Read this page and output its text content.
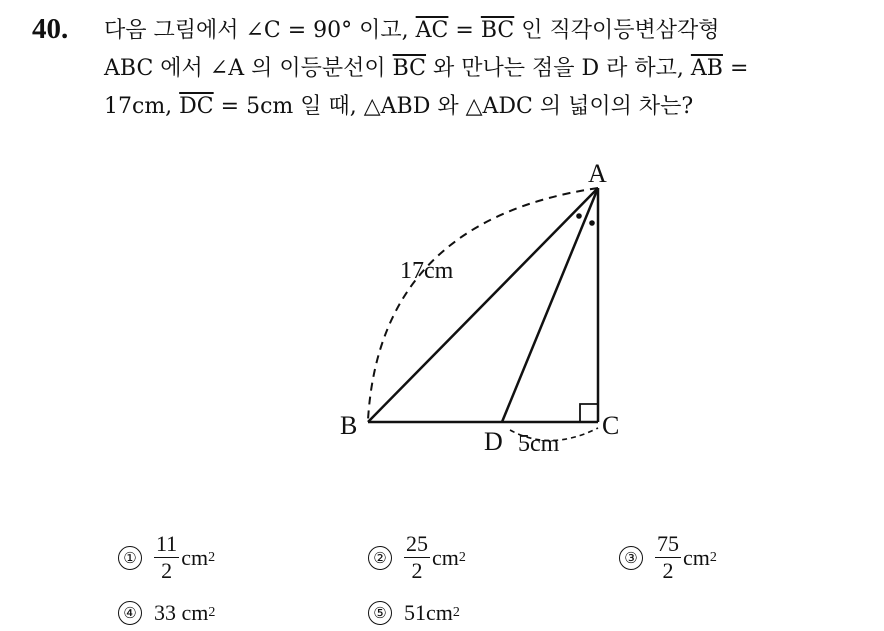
40. 다음 그림에서 ∠C = 90° 이고, $\overline{AC} = \overline{BC}$ 인 직각이등변삼각형
ABC 에서 ∠A 의 이등분선이 $\overline{BC}$ 와 만나는 점을 D 라 하고, $\overline{AB}$ =
17cm, $\overline{DC} = 5cm$ 일 때, △ABD 와 △ADC 의 넓이의 차는?
A
B	C
D
17cm
5cm
① $\frac{11}{2}$ cm 2	② $\frac{25}{2}$ cm 2	③ $\frac{75}{2}$ cm 2
④ 33 cm 2	⑤ 51 cm 2
